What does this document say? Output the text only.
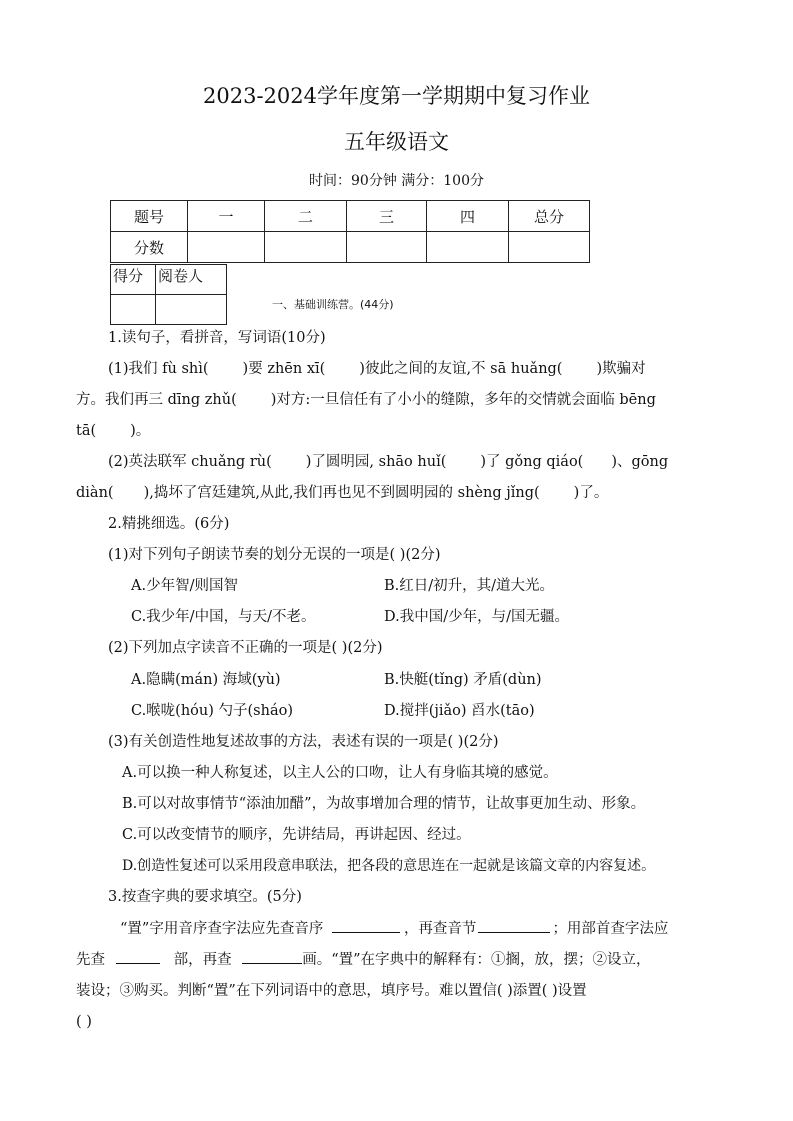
2023-2024学年度第一学期期中复习作业
五年级语文
时间：90分钟 满分：100分
题号	一	二	三	四	总分
分数					
得分	阅卷人

一、基础训练营。(44分)
1.读句子，看拼音，写词语(10分)
(1)我们 fù shì( )要 zhēn xī( )彼此之间的友谊,不 sā huǎng( )欺骗对
方。我们再三 dīng zhǔ( )对方:一旦信任有了小小的缝隙，多年的交情就会面临 bēng
tā( )。
(2)英法联军 chuǎng rù( )了圆明园, shāo huǐ( )了 gǒng qiáo( )、gōng
diàn( ),捣坏了宫廷建筑,从此,我们再也见不到圆明园的 shèng jǐng( )了。
2.精挑细选。(6分)
(1)对下列句子朗读节奏的划分无误的一项是( )(2分)
A.少年智/则国智	B.红日/初升，其/道大光。
C.我少年/中国，与天/不老。	D.我中国/少年，与/国无疆。
(2)下列加点字读音不正确的一项是( )(2分)
A.隐瞒(mán) 海域(yù)	B.快艇(tǐng) 矛盾(dùn)
C.喉咙(hóu) 勺子(sháo)	D.搅拌(jiǎo) 舀水(tāo)
(3)有关创造性地复述故事的方法，表述有误的一项是( )(2分)
A.可以换一种人称复述，以主人公的口吻，让人有身临其境的感觉。
B.可以对故事情节“添油加醋”，为故事增加合理的情节，让故事更加生动、形象。
C.可以改变情节的顺序，先讲结局，再讲起因、经过。
D.创造性复述可以采用段意串联法，把各段的意思连在一起就是该篇文章的内容复述。
3.按查字典的要求填空。(5分)
“置”字用音序查字法应先查音序	，再查音节	；用部首查字法应
先查	部，再查	画。“置”在字典中的解释有：①搁，放，摆；②设立，
装设；③购买。判断“置”在下列词语中的意思，填序号。难以置信( )添置( )设置
( )
